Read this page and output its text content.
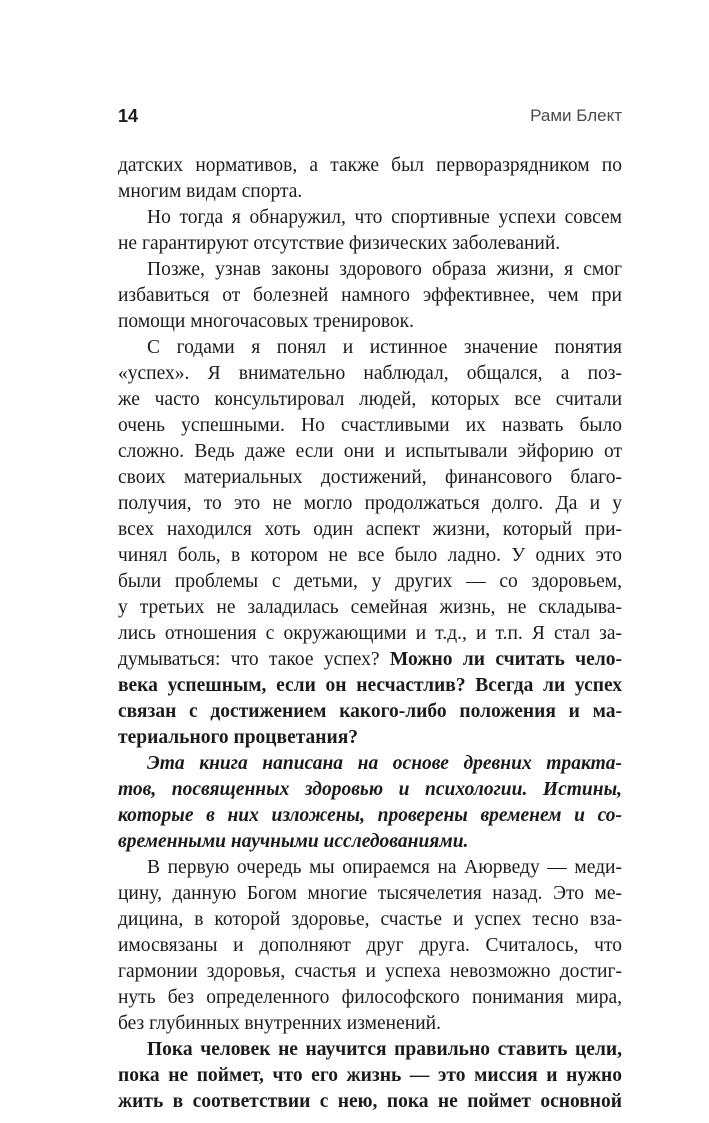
14	Рами Блект
датских нормативов, а также был перворазрядником по
многим видам спорта.
Но тогда я обнаружил, что спортивные успехи совсем
не гарантируют отсутствие физических заболеваний.
Позже, узнав законы здорового образа жизни, я смог
избавиться от болезней намного эффективнее, чем при
помощи многочасовых тренировок.
С годами я понял и истинное значение понятия
«успех». Я внимательно наблюдал, общался, а поз-
же часто консультировал людей, которых все считали
очень успешными. Но счастливыми их назвать было
сложно. Ведь даже если они и испытывали эйфорию от
своих материальных достижений, финансового благо-
получия, то это не могло продолжаться долго. Да и у
всех находился хоть один аспект жизни, который при-
чинял боль, в котором не все было ладно. У одних это
были проблемы с детьми, у других — со здоровьем,
у третьих не заладилась семейная жизнь, не складыва-
лись отношения с окружающими и т.д., и т.п. Я стал за-
думываться: что такое успех? Можно ли считать чело-
века успешным, если он несчастлив? Всегда ли успех
связан с достижением какого-либо положения и ма-
териального процветания?
Эта книга написана на основе древних тракта-
тов, посвященных здоровью и психологии. Истины,
которые в них изложены, проверены временем и со-
временными научными исследованиями.
В первую очередь мы опираемся на Аюрведу — меди-
цину, данную Богом многие тысячелетия назад. Это ме-
дицина, в которой здоровье, счастье и успех тесно вза-
имосвязаны и дополняют друг друга. Считалось, что
гармонии здоровья, счастья и успеха невозможно достиг-
нуть без определенного философского понимания мира,
без глубинных внутренних изменений.
Пока человек не научится правильно ставить цели,
пока не поймет, что его жизнь — это миссия и нужно
жить в соответствии с нею, пока не поймет основной
